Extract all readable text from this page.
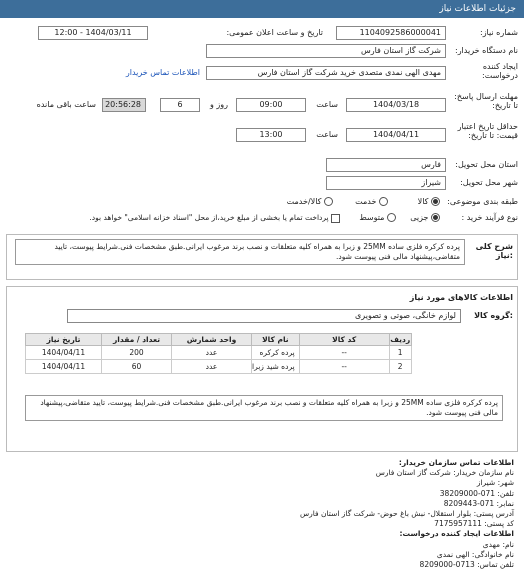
جزئیات اطلاعات نیاز
شماره نیاز:
1104092586000041
تاریخ و ساعت اعلان عمومی:
1404/03/11 - 12:00
نام دستگاه خریدار:
شرکت گاز استان فارس
ایجاد کننده درخواست:
مهدی الهی نمدی متصدی خرید شرکت گاز استان فارس
اطلاعات تماس خریدار
مهلت ارسال پاسخ: تا تاریخ:
1404/03/18
ساعت
09:00
روز و
6
20:56:28
ساعت باقی مانده
حداقل تاریخ اعتبار قیمت: تا تاریخ:
1404/04/11
ساعت
13:00
استان محل تحویل:
فارس
شهر محل تحویل:
شیراز
طبقه بندی موضوعی:
کالا
خدمت
کالا/خدمت
نوع فرآیند خرید :
جزیی
متوسط
پرداخت تمام یا بخشی از مبلغ خرید،از محل "اسناد خزانه اسلامی" خواهد بود.
شرح کلی نیاز:
پرده کرکره فلزی ساده 25MM و زبرا به همراه کلیه متعلقات و نصب برند مرغوب ایرانی.طبق مشخصات فنی.شرایط پیوست، تایید متقاضی،پیشنهاد مالی فنی پیوست شود.
اطلاعات کالاهای مورد نیاز
گروه کالا:
لوازم خانگی، صوتی و تصویری
ردیف	کد کالا	نام کالا	واحد شمارش	تعداد / مقدار	تاریخ نیاز
1	--	پرده کرکره	عدد	200	1404/04/11
2	--	پرده شید زبرا	عدد	60	1404/04/11
پرده کرکره فلزی ساده 25MM و زبرا به همراه کلیه متعلقات و نصب برند مرغوب ایرانی.طبق مشخصات فنی.شرایط پیوست، تایید متقاضی،پیشنهاد مالی فنی پیوست شود.
اطلاعات تماس سازمان خریدار:
نام سازمان خریدار: شرکت گاز استان فارس
شهر: شیراز
تلفن: 071-38209000
نمابر: 071-8209443
آدرس پستی: بلوار استقلال- نبش باغ حوض- شرکت گاز استان فارس
کد پستی: 7175957111
اطلاعات ایجاد کننده درخواست:
نام: مهدی
نام خانوادگی: الهی نمدی
تلفن تماس: 0713-8209000
